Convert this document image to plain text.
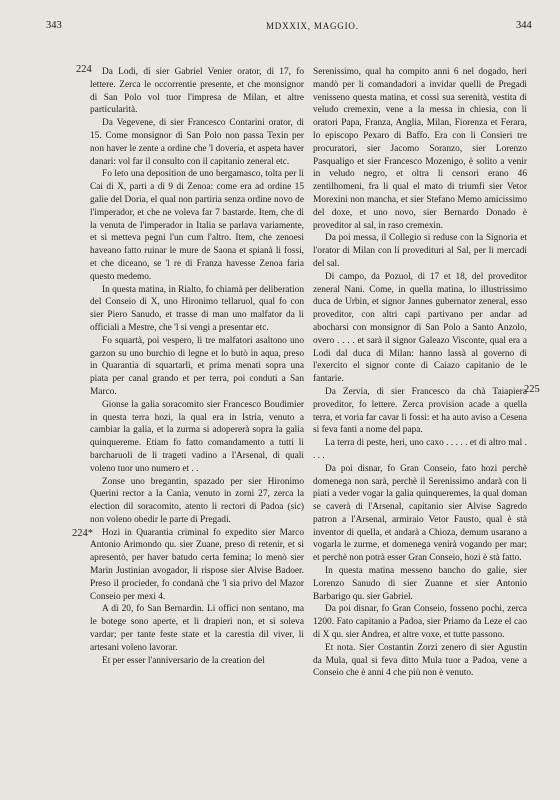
343	MDXXIX, MAGGIO.	344
224
224*
225

Da Lodi, di sier Gabriel Venier orator, di 17, fo lettere. Zerca le occorrentie presente, et che monsignor di San Polo vol tuor l'impresa de Milan, et altre particularità.

Da Vegevene, di sier Francesco Contarini orator, di 15. Come monsignor di San Polo non passa Texin per non haver le zente a ordine che 'l doveria, et aspeta haver danari: vol far il consulto con il capitanio zeneral etc.

Fo leto una deposition de uno bergamasco, tolta per li Cai di X, parti a dì 9 di Zenoa: come era ad ordine 15 galie del Doria, el qual non partiria senza ordine novo de l'imperador, et che ne voleva far 7 bastarde. Item, che di la venuta de l'imperador in Italia se parlava variamente, et si metteva pegni l'un cum l'altro. Item, che zenoesi haveano fatto ruinar le mure de Saona et spianà li fossi, et che diceano, se 'l re di Franza havesse Zenoa faria questo medemo.

In questa matina, in Rialto, fo chiamà per deliberation del Conseio di X, uno Hironimo tellaruol, qual fo con sier Piero Sanudo, et trasse di man uno malfator da li officiali a Mestre, che 'l si vengi a presentar etc.

Fo squartà, poi vespero, li tre malfatori asaltono uno garzon su uno burchio di legne et lo butò in aqua, preso in Quarantia di squartarli, et prima menati sopra una piata per canal grando et per terra, poi conduti a San Marco.

Gionse la galia soracomito sier Francesco Boudimier in questa terra hozi, la qual era in Istria, venuto a cambiar la galia, et la zurma si adopererà sopra la galia quinquereme. Etiam fo fatto comandamento a tutti li barcharuoli de li trageti vadino a l'Arsenal, di quali voleno tuor uno numero et . .

Zonse uno bregantin, spazado per sier Hironimo Querini rector a la Canìa, venuto in zorni 27, zerca la election dil soracomito, atento li rectori di Padoa (sic) non voleno obedir le parte di Pregadi.

Hozi in Quarantia criminal fo expedito sier Marco Antonio Arimondo qu. sier Zuane, preso di retenir, et si apresentò, per haver batudo certa femina; lo menò sier Marin Justinian avogador, li rispose sier Alvise Badoer. Preso il procieder, fo condanà che 'l sia privo del Mazor Conseio per mexi 4.

A dì 20, fo San Bernardin. Li offici non sentano, ma le botege sono aperte, et li drapieri non, et si soleva vardar; per tante feste state et la carestia dil viver, li artesani voleno lavorar.

Et per esser l'anniversario de la creation del

Serenissimo, qual ha compito anni 6 nel dogado, heri mandò per li comandadori a invidar quelli de Pregadi venisseno questa matina, et cossì sua serenità, vestita di veludo cremexin, vene a la messa in chiesia, con li oratori Papa, Franza, Anglia, Milan, Fiorenza et Ferara, lo episcopo Pexaro di Baffo. Era con li Consieri tre procuratori, sier Jacomo Soranzo, sier Lorenzo Pasqualigo et sier Francesco Mozenigo, è solito a venir in veludo negro, et oltra li censori erano 46 zentilhomeni, fra li qual el mato di triumfi sier Vetor Morexini non mancha, et sier Stefano Memo amicissimo del doxe, et uno novo, sier Bernardo Donado è proveditor al sal, in raso cremexin.

Da poi messa, il Collegio si reduse con la Signoria et l'orator di Milan con li provedituri al Sal, per li mercadi del sal.

Di campo, da Pozuol, di 17 et 18, del proveditor zeneral Nani. Come, in quella matina, lo illustrissimo duca de Urbin, et signor Jannes gubernator zeneral, esso proveditor, con altri capi partivano per andar ad abocharsi con monsignor di San Polo a Santo Anzolo, overo . . . . et sarà il signor Galeazo Visconte, qual era a Lodi dal duca di Milan: hanno lassà al governo di l'exercito el signor conte di Caiazo capitanio de le fantarie.

Da Zervia, di sier Francesco da chà Taiapiera proveditor, fo lettere. Zerca provision acade a quella terra, et voria far cavar li fossi: et ha auto aviso a Cesena si feva fanti a nome del papa.

La terra di peste, heri, uno caxo . . . . . et di altro mal . . . .

Da poi disnar, fo Gran Conseio, fato hozi perchè domenega non sarà, perchè il Serenissimo andarà con li piati a veder vogar la galia quinqueremes, la qual doman se caverà di l'Arsenal, capitanio sier Alvise Sagredo patron a l'Arsenal, armiraio Vetor Fausto, qual è stà inventor di quella, et andarà a Chioza, demum usarano a vogarla le zurme, et domenega venirà vogando per mar; et perchè non potrà esser Gran Conseio, hozi è stà fatto.

In questa matina messeno bancho do galie, sier Lorenzo Sanudo di sier Zuanne et sier Antonio Barbarigo qu. sier Gabriel.

Da poi disnar, fo Gran Conseio, fosseno pochi, zerca 1200. Fato capitanio a Padoa, sier Priamo da Leze el cao di X qu. sier Andrea, et altre voxe, et tutte passono.

Et nota. Sier Costantin Zorzi zenero di sier Agustin da Mula, qual si feva ditto Mula tuor a Padoa, vene a Conseio che è anni 4 che più non è venuto.
